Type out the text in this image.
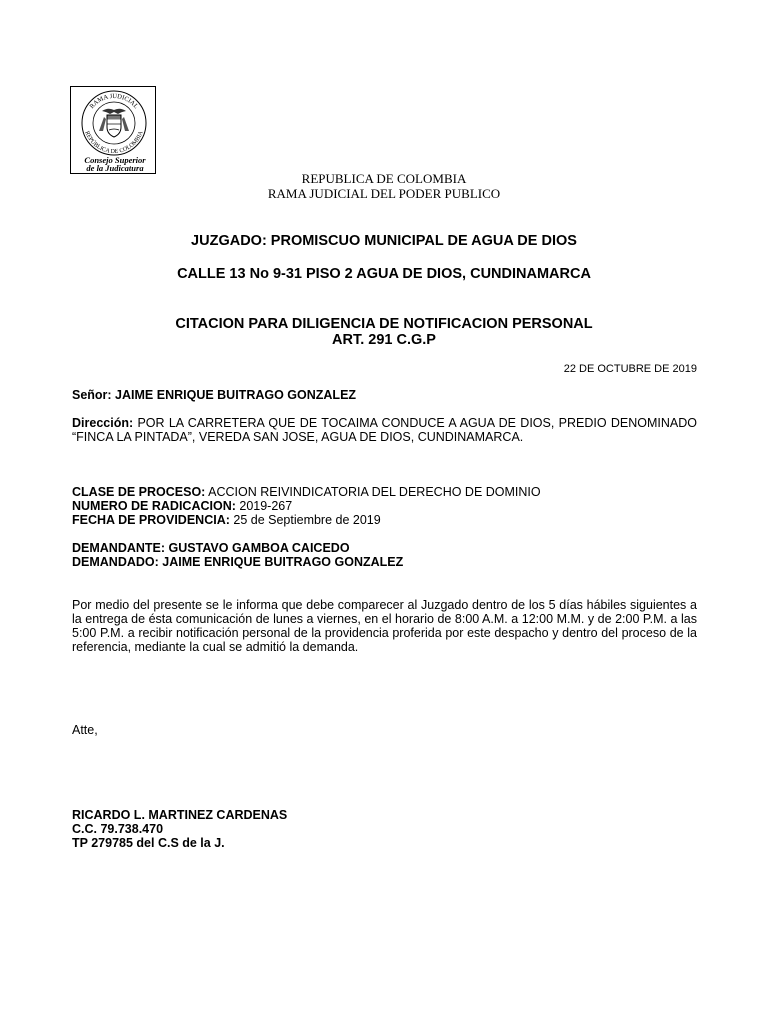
RAMA JUDICIAL
REPÚBLICA DE COLOMBIA
Consejo Superior
de la Judicatura
REPUBLICA DE COLOMBIA
RAMA JUDICIAL DEL PODER PUBLICO
JUZGADO: PROMISCUO MUNICIPAL DE AGUA DE DIOS
CALLE 13 No 9-31 PISO 2 AGUA DE DIOS, CUNDINAMARCA
CITACION PARA DILIGENCIA DE NOTIFICACION PERSONAL
ART. 291 C.G.P
22 DE OCTUBRE DE 2019
Señor: JAIME ENRIQUE BUITRAGO GONZALEZ
Dirección: POR LA CARRETERA QUE DE TOCAIMA CONDUCE A AGUA DE DIOS, PREDIO DENOMINADO “FINCA LA PINTADA”, VEREDA SAN JOSE, AGUA DE DIOS, CUNDINAMARCA.
CLASE DE PROCESO: ACCION REIVINDICATORIA DEL DERECHO DE DOMINIO
NUMERO DE RADICACION: 2019-267
FECHA DE PROVIDENCIA: 25 de Septiembre de 2019
DEMANDANTE: GUSTAVO GAMBOA CAICEDO
DEMANDADO: JAIME ENRIQUE BUITRAGO GONZALEZ
Por medio del presente se le informa que debe comparecer al Juzgado dentro de los 5 días hábiles siguientes a la entrega de ésta comunicación de lunes a viernes, en el horario de 8:00 A.M. a 12:00 M.M. y de 2:00 P.M. a las 5:00 P.M. a recibir notificación personal de la providencia proferida por este despacho y dentro del proceso de la referencia, mediante la cual se admitió la demanda.
Atte,
RICARDO L. MARTINEZ CARDENAS
C.C. 79.738.470
TP 279785 del C.S de la J.
